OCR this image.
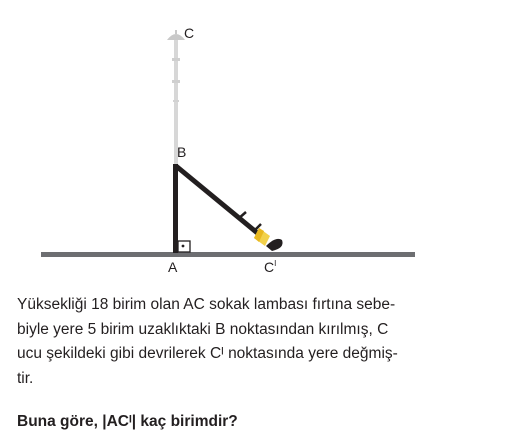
C
B
A	$C^I$

Yüksekliği 18 birim olan AC sokak lambası fırtına sebe-
biyle yere 5 birim uzaklıktaki B noktasından kırılmış, C
ucu şekildeki gibi devrilerek Cᴵ noktasında yere değmiş-
tir.

Buna göre, |ACᴵ| kaç birimdir?
